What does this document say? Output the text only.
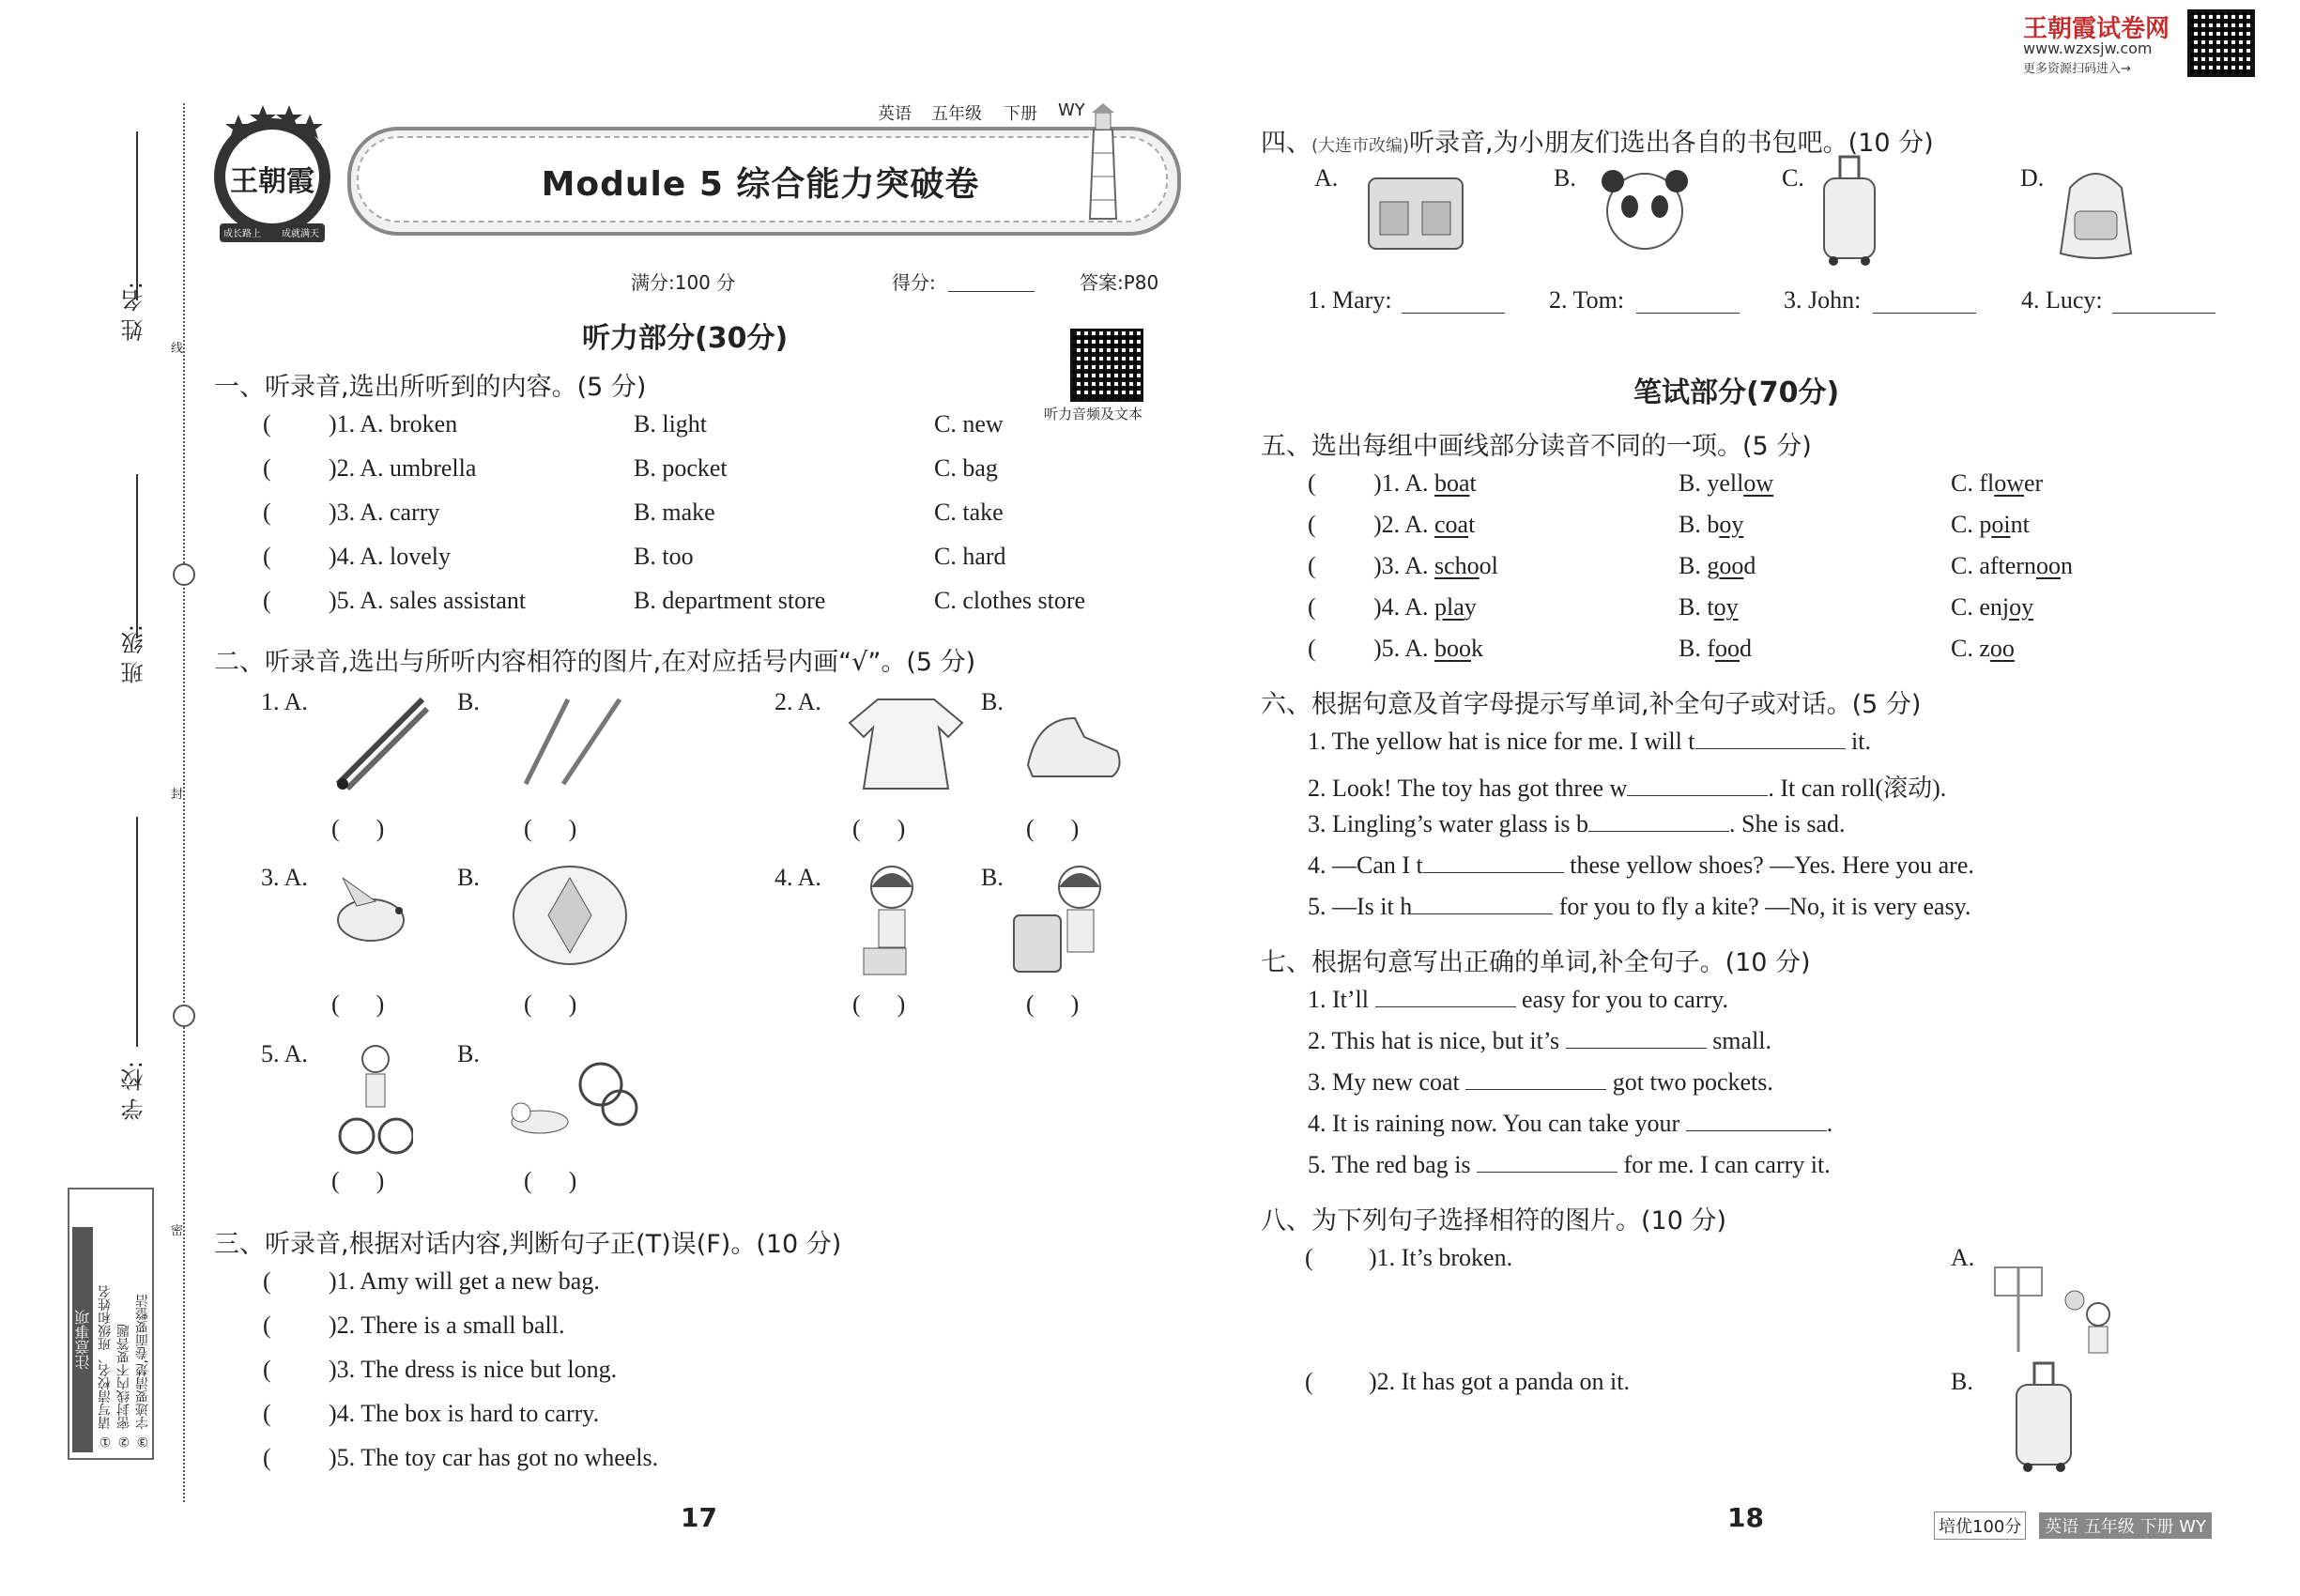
线
封
密
姓 名:
班 级:
学 校:
注意事项 ① 请写清校名、班级和姓名 ② 密封线内不要答题 ③ 字迹要清楚,卷面要整洁
王朝霞
成长路上 成就满天
Module 5 综合能力突破卷
英语 五年级 下册 WY
满分:100 分	得分:	答案:P80
听力音频及文本
王朝霞试卷网
www.wzxsjw.com
更多资源扫码进入→
听力部分(30分)
一、听录音,选出所听到的内容。(5 分)
( )1. A. broken	B. light	C. new
( )2. A. umbrella	B. pocket	C. bag
( )3. A. carry	B. make	C. take
( )4. A. lovely	B. too	C. hard
( )5. A. sales assistant	B. department store	C. clothes store
二、听录音,选出与所听内容相符的图片,在对应括号内画“√”。(5 分)
1. A.	B.	2. A.	B.
(      )	(      )	(      )	(      )
3. A.	B.	4. A.	B.
(      )	(      )	(      )	(      )
5. A.	B.
(      )	(      )
三、听录音,根据对话内容,判断句子正(T)误(F)。(10 分)
( )1. Amy will get a new bag.
( )2. There is a small ball.
( )3. The dress is nice but long.
( )4. The box is hard to carry.
( )5. The toy car has got no wheels.
17
四、(大连市改编)听录音,为小朋友们选出各自的书包吧。(10 分)
A.	B.	C.	D.
1. Mary:	2. Tom:	3. John:	4. Lucy:
笔试部分(70分)
五、选出每组中画线部分读音不同的一项。(5 分)
( )1. A. boat	B. yellow	C. flower
( )2. A. coat	B. boy	C. point
( )3. A. school	B. good	C. afternoon
( )4. A. play	B. toy	C. enjoy
( )5. A. book	B. food	C. zoo
六、根据句意及首字母提示写单词,补全句子或对话。(5 分)
1. The yellow hat is nice for me. I will t	it.
2. Look! The toy has got three w	. It can roll(滚动).
3. Lingling’s water glass is b	. She is sad.
4. —Can I t	these yellow shoes? —Yes. Here you are.
5. —Is it h	for you to fly a kite? —No, it is very easy.
七、根据句意写出正确的单词,补全句子。(10 分)
1. It’ll	easy for you to carry.
2. This hat is nice, but it’s	small.
3. My new coat	got two pockets.
4. It is raining now. You can take your	.
5. The red bag is	for me. I can carry it.
八、为下列句子选择相符的图片。(10 分)
( )1. It’s broken.	A.
( )2. It has got a panda on it.	B.
18	培优100分	英语 五年级 下册 WY
